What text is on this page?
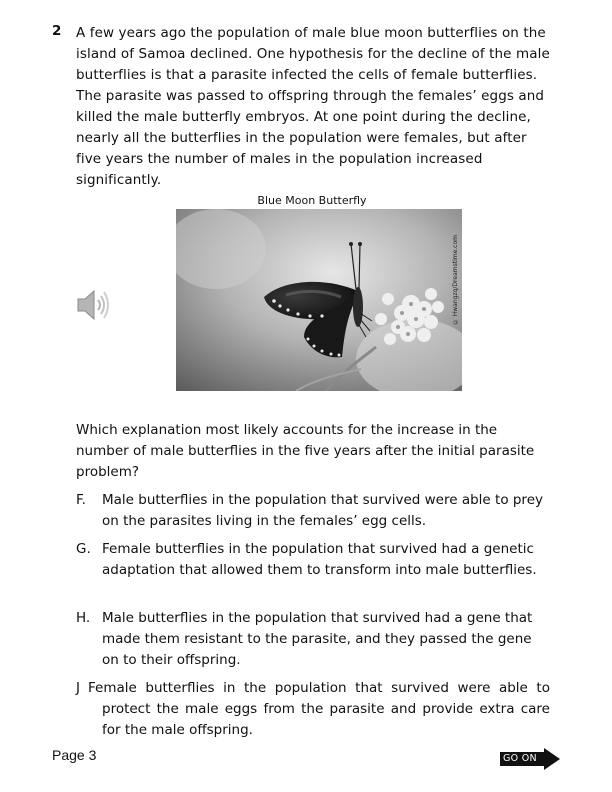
2 A few years ago the population of male blue moon butterflies on the island of Samoa declined. One hypothesis for the decline of the male butterflies is that a parasite infected the cells of female butterflies. The parasite was passed to offspring through the females’ eggs and killed the male butterfly embryos. At one point during the decline, nearly all the butterflies in the population were females, but after five years the number of males in the population increased significantly.
Blue Moon Butterfly
© Hwangzq/Dreamstime.com
Which explanation most likely accounts for the increase in the number of male butterflies in the five years after the initial parasite problem?
F.	Male butterflies in the population that survived were able to prey on the parasites living in the females’ egg cells.
G. Female butterflies in the population that survived had a genetic adaptation that allowed them to transform into male butterflies.
H. Male butterflies in the population that survived had a gene that made them resistant to the parasite, and they passed the gene on to their offspring.
J Female butterflies in the population that survived were able to protect the male eggs from the parasite and provide extra care for the male offspring.
Page 3	GO ON
